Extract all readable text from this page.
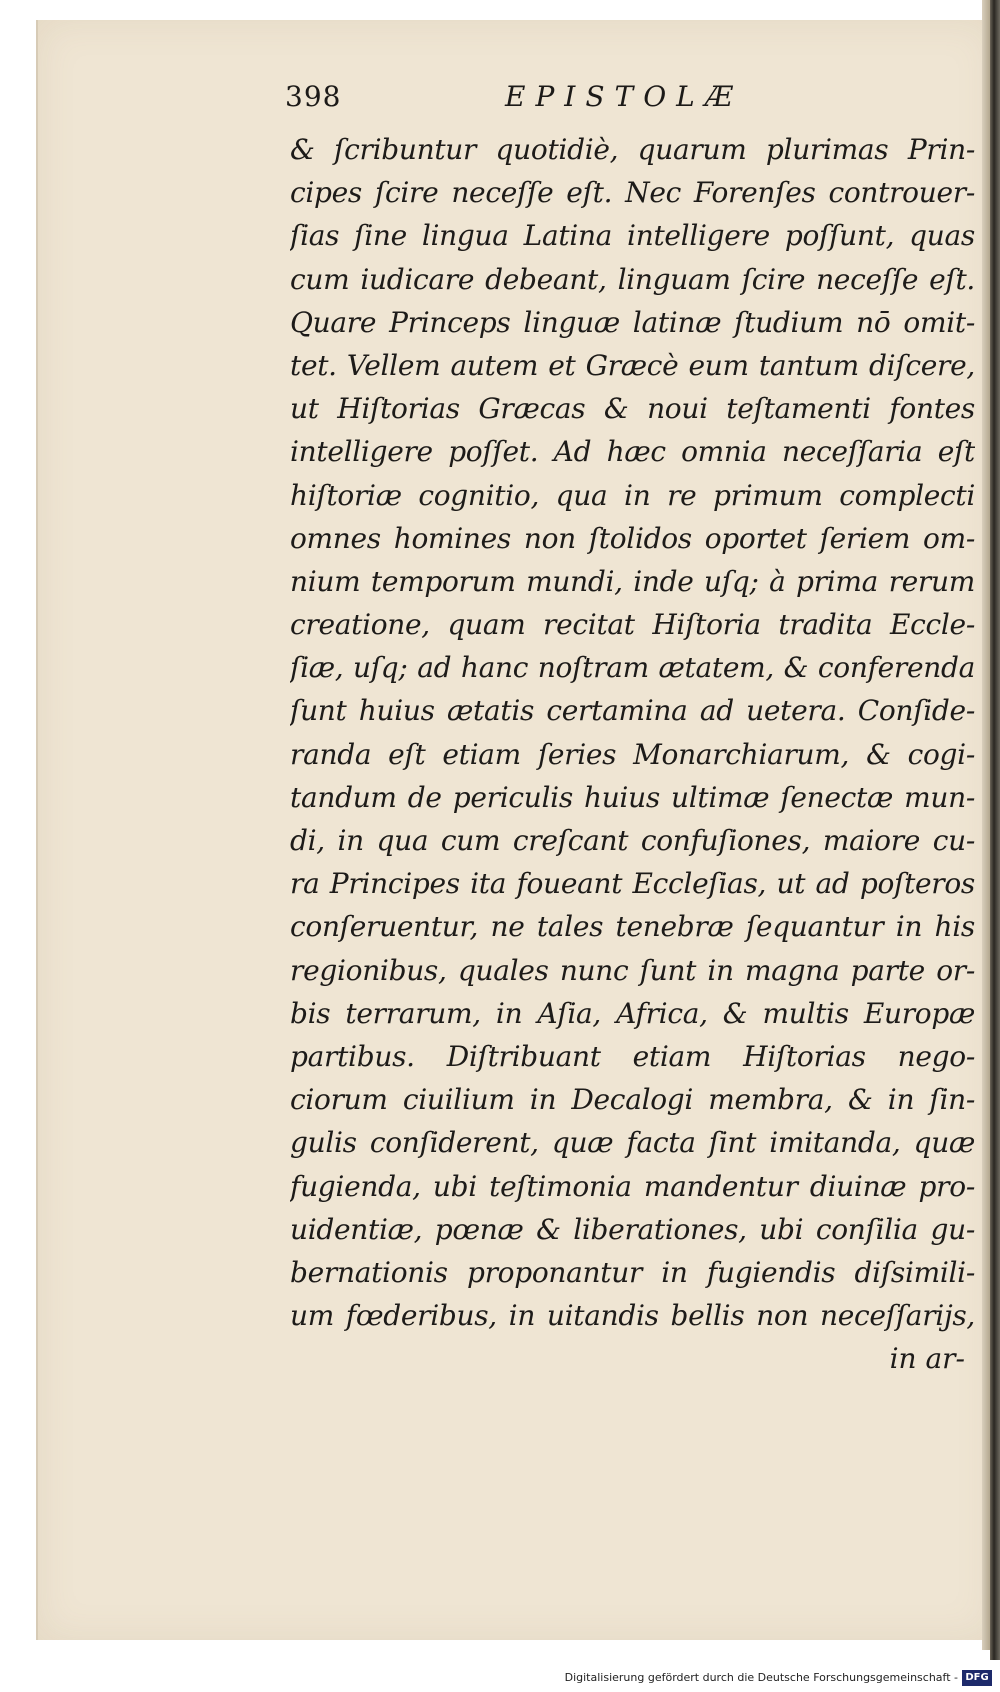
398	EPISTOLÆ
& ſcribuntur quotidiè, quarum plurimas Prin-
cipes ſcire neceſſe eſt. Nec Forenſes controuer-
ſias ſine lingua Latina intelligere poſſunt, quas
cum iudicare debeant, linguam ſcire neceſſe eſt.
Quare Princeps linguæ latinæ ſtudium nō omit-
tet. Vellem autem et Græcè eum tantum diſcere,
ut Hiſtorias Græcas & noui teſtamenti fontes
intelligere poſſet. Ad hæc omnia neceſſaria eſt
hiſtoriæ cognitio, qua in re primum complecti
omnes homines non ſtolidos oportet ſeriem om-
nium temporum mundi, inde uſq; à prima rerum
creatione, quam recitat Hiſtoria tradita Eccle-
ſiæ, uſq; ad hanc noſtram ætatem, & conferenda
ſunt huius ætatis certamina ad uetera. Conſide-
randa eſt etiam ſeries Monarchiarum, & cogi-
tandum de periculis huius ultimæ ſenectæ mun-
di, in qua cum creſcant confuſiones, maiore cu-
ra Principes ita foueant Eccleſias, ut ad poſteros
conſeruentur, ne tales tenebræ ſequantur in his
regionibus, quales nunc ſunt in magna parte or-
bis terrarum, in Aſia, Africa, & multis Europæ
partibus. Diſtribuant etiam Hiſtorias nego-
ciorum ciuilium in Decalogi membra, & in ſin-
gulis conſiderent, quæ facta ſint imitanda, quæ
fugienda, ubi teſtimonia mandentur diuinæ pro-
uidentiæ, pœnæ & liberationes, ubi conſilia gu-
bernationis proponantur in fugiendis diſsimili-
um fœderibus, in uitandis bellis non neceſſarijs,
in ar-
Digitalisierung gefördert durch die Deutsche Forschungsgemeinschaft - DFG
